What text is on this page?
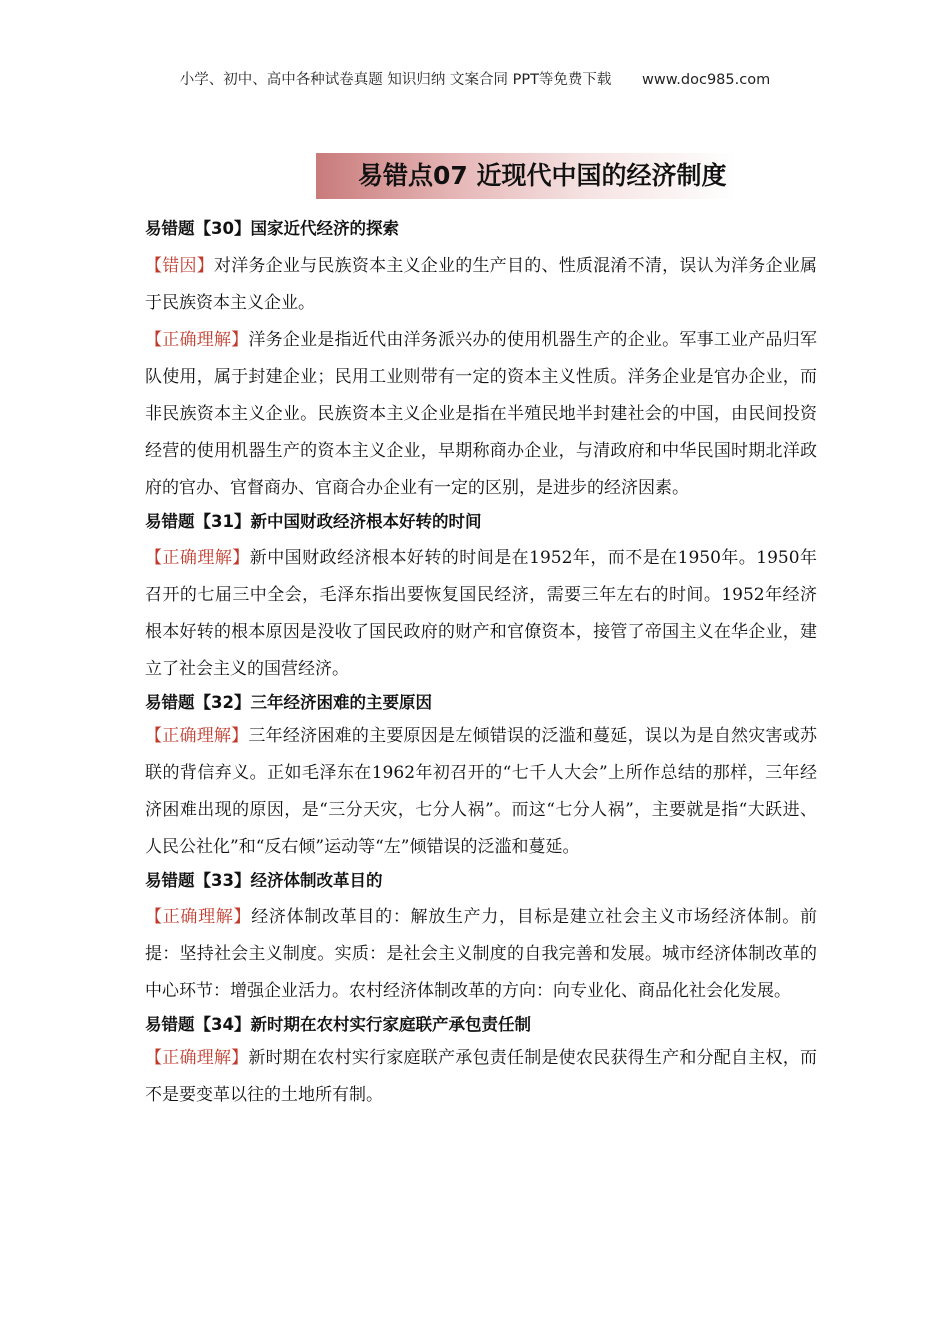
小学、初中、高中各种试卷真题 知识归纳 文案合同 PPT等免费下载 www.doc985.com
易错点07 近现代中国的经济制度
易错题【30】国家近代经济的探索

【错因】对洋务企业与民族资本主义企业的生产目的、性质混淆不清，误认为洋务企业属于民族资本主义企业。

【正确理解】洋务企业是指近代由洋务派兴办的使用机器生产的企业。军事工业产品归军队使用，属于封建企业；民用工业则带有一定的资本主义性质。洋务企业是官办企业，而非民族资本主义企业。民族资本主义企业是指在半殖民地半封建社会的中国，由民间投资经营的使用机器生产的资本主义企业，早期称商办企业，与清政府和中华民国时期北洋政府的官办、官督商办、官商合办企业有一定的区别，是进步的经济因素。

易错题【31】新中国财政经济根本好转的时间

【正确理解】新中国财政经济根本好转的时间是在1952年，而不是在1950年。1950年召开的七届三中全会，毛泽东指出要恢复国民经济，需要三年左右的时间。1952年经济根本好转的根本原因是没收了国民政府的财产和官僚资本，接管了帝国主义在华企业，建立了社会主义的国营经济。

易错题【32】三年经济困难的主要原因

【正确理解】三年经济困难的主要原因是左倾错误的泛滥和蔓延，误以为是自然灾害或苏联的背信弃义。正如毛泽东在1962年初召开的“七千人大会”上所作总结的那样，三年经济困难出现的原因，是“三分天灾，七分人祸”。而这“七分人祸”，主要就是指“大跃进、人民公社化”和“反右倾”运动等“左”倾错误的泛滥和蔓延。

易错题【33】经济体制改革目的

【正确理解】经济体制改革目的：解放生产力，目标是建立社会主义市场经济体制。前提：坚持社会主义制度。实质：是社会主义制度的自我完善和发展。城市经济体制改革的中心环节：增强企业活力。农村经济体制改革的方向：向专业化、商品化社会化发展。

易错题【34】新时期在农村实行家庭联产承包责任制

【正确理解】新时期在农村实行家庭联产承包责任制是使农民获得生产和分配自主权，而不是要变革以往的土地所有制。
